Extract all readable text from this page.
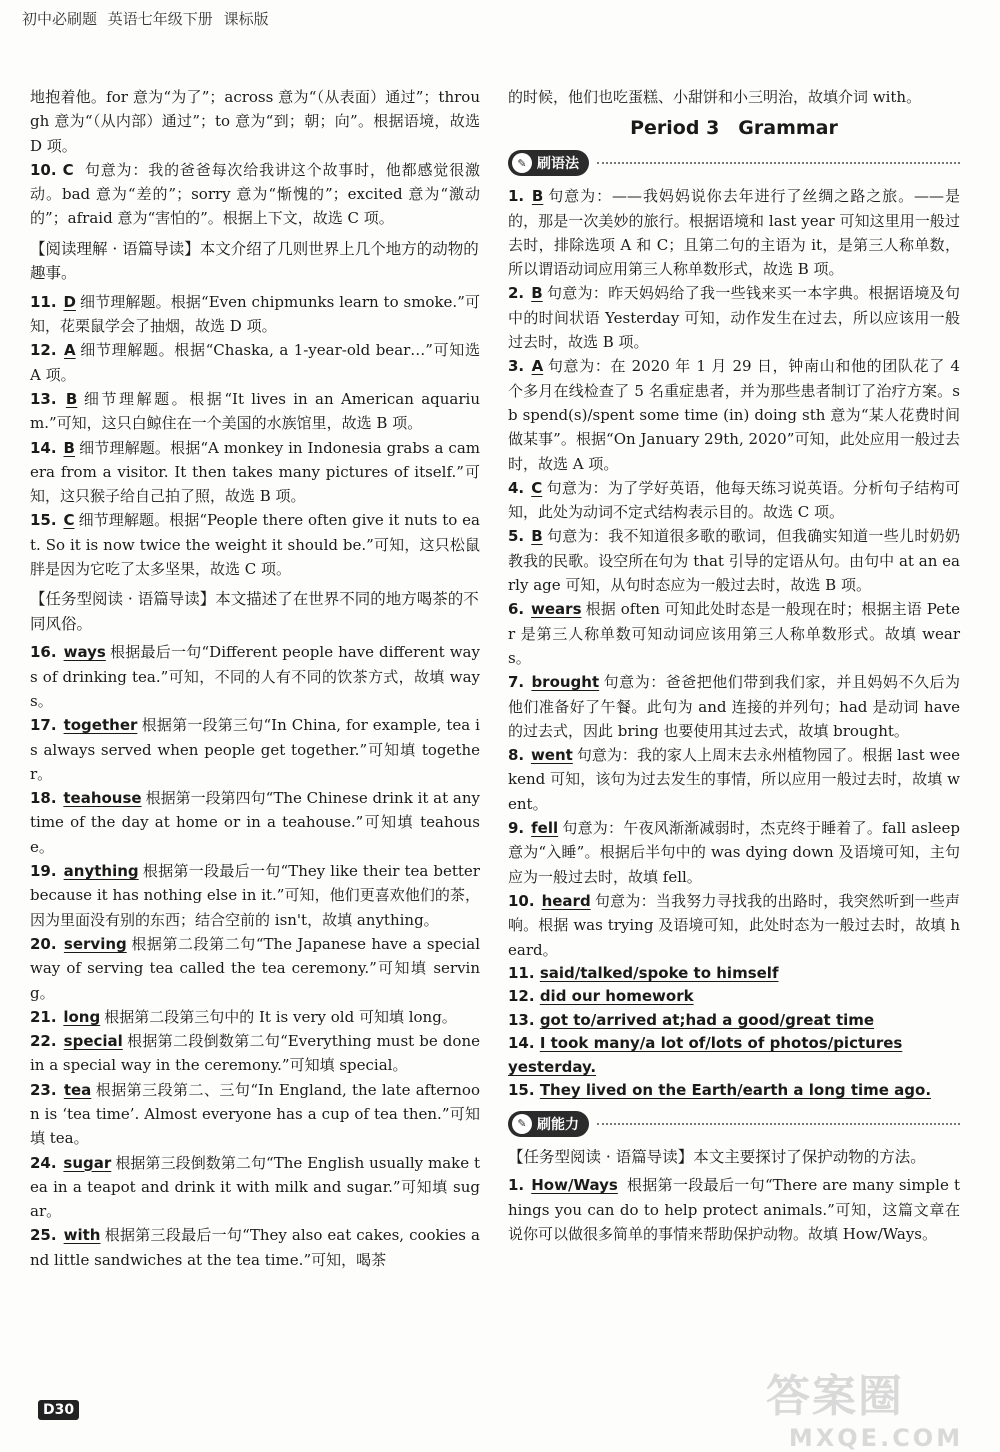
初中必刷题 英语七年级下册 课标版

地抱着他。for 意为“为了”；across 意为“（从表面）通过”；through 意为“（从内部）通过”；to 意为“到；朝；向”。根据语境，故选 D 项。

10. C 句意为：我的爸爸每次给我讲这个故事时，他都感觉很激动。bad 意为“差的”；sorry 意为“惭愧的”；excited 意为“激动的”；afraid 意为“害怕的”。根据上下文，故选 C 项。

【阅读理解 · 语篇导读】本文介绍了几则世界上几个地方的动物的趣事。

11. D 细节理解题。根据“Even chipmunks learn to smoke.”可知，花栗鼠学会了抽烟，故选 D 项。

12. A 细节理解题。根据“Chaska, a 1-year-old bear…”可知选 A 项。

13. B 细节理解题。根据“It lives in an American aquarium.”可知，这只白鲸住在一个美国的水族馆里，故选 B 项。

14. B 细节理解题。根据“A monkey in Indonesia grabs a camera from a visitor. It then takes many pictures of itself.”可知，这只猴子给自己拍了照，故选 B 项。

15. C 细节理解题。根据“People there often give it nuts to eat. So it is now twice the weight it should be.”可知，这只松鼠胖是因为它吃了太多坚果，故选 C 项。

【任务型阅读 · 语篇导读】本文描述了在世界不同的地方喝茶的不同风俗。

16. ways 根据最后一句“Different people have different ways of drinking tea.”可知，不同的人有不同的饮茶方式，故填 ways。

17. together 根据第一段第三句“In China, for example, tea is always served when people get together.”可知填 together。

18. teahouse 根据第一段第四句“The Chinese drink it at any time of the day at home or in a teahouse.”可知填 teahouse。

19. anything 根据第一段最后一句“They like their tea better because it has nothing else in it.”可知，他们更喜欢他们的茶，因为里面没有别的东西；结合空前的 isn't，故填 anything。

20. serving 根据第二段第二句“The Japanese have a special way of serving tea called the tea ceremony.”可知填 serving。

21. long 根据第二段第三句中的 It is very old 可知填 long。

22. special 根据第二段倒数第二句“Everything must be done in a special way in the ceremony.”可知填 special。

23. tea 根据第三段第二、三句“In England, the late afternoon is ‘tea time’. Almost everyone has a cup of tea then.”可知填 tea。

24. sugar 根据第三段倒数第二句“The English usually make tea in a teapot and drink it with milk and sugar.”可知填 sugar。

25. with 根据第三段最后一句“They also eat cakes, cookies and little sandwiches at the tea time.”可知，喝茶

的时候，他们也吃蛋糕、小甜饼和小三明治，故填介词 with。

Period 3　Grammar
✎ 刷语法

1. B 句意为：——我妈妈说你去年进行了丝绸之路之旅。——是的，那是一次美妙的旅行。根据语境和 last year 可知这里用一般过去时，排除选项 A 和 C；且第二句的主语为 it，是第三人称单数，所以谓语动词应用第三人称单数形式，故选 B 项。

2. B 句意为：昨天妈妈给了我一些钱来买一本字典。根据语境及句中的时间状语 Yesterday 可知，动作发生在过去，所以应该用一般过去时，故选 B 项。

3. A 句意为：在 2020 年 1 月 29 日，钟南山和他的团队花了 4 个多月在线检查了 5 名重症患者，并为那些患者制订了治疗方案。sb spend(s)/spent some time (in) doing sth 意为“某人花费时间做某事”。根据“On January 29th, 2020”可知，此处应用一般过去时，故选 A 项。

4. C 句意为：为了学好英语，他每天练习说英语。分析句子结构可知，此处为动词不定式结构表示目的。故选 C 项。

5. B 句意为：我不知道很多歌的歌词，但我确实知道一些儿时奶奶教我的民歌。设空所在句为 that 引导的定语从句。由句中 at an early age 可知，从句时态应为一般过去时，故选 B 项。

6. wears 根据 often 可知此处时态是一般现在时；根据主语 Peter 是第三人称单数可知动词应该用第三人称单数形式。故填 wears。

7. brought 句意为：爸爸把他们带到我们家，并且妈妈不久后为他们准备好了午餐。此句为 and 连接的并列句；had 是动词 have 的过去式，因此 bring 也要使用其过去式，故填 brought。

8. went 句意为：我的家人上周末去永州植物园了。根据 last weekend 可知，该句为过去发生的事情，所以应用一般过去时，故填 went。

9. fell 句意为：午夜风渐渐减弱时，杰克终于睡着了。fall asleep 意为“入睡”。根据后半句中的 was dying down 及语境可知，主句应为一般过去时，故填 fell。

10. heard 句意为：当我努力寻找我的出路时，我突然听到一些声响。根据 was trying 及语境可知，此处时态为一般过去时，故填 heard。

11. said/talked/spoke to himself

12. did our homework

13. got to/arrived at;had a good/great time

14. I took many/a lot of/lots of photos/pictures yesterday.

15. They lived on the Earth/earth a long time ago.

✎ 刷能力

【任务型阅读 · 语篇导读】本文主要探讨了保护动物的方法。

1. How/Ways 根据第一段最后一句“There are many simple things you can do to help protect animals.”可知，这篇文章在说你可以做很多简单的事情来帮助保护动物。故填 How/Ways。

D30	答案圈
MXQE.COM
